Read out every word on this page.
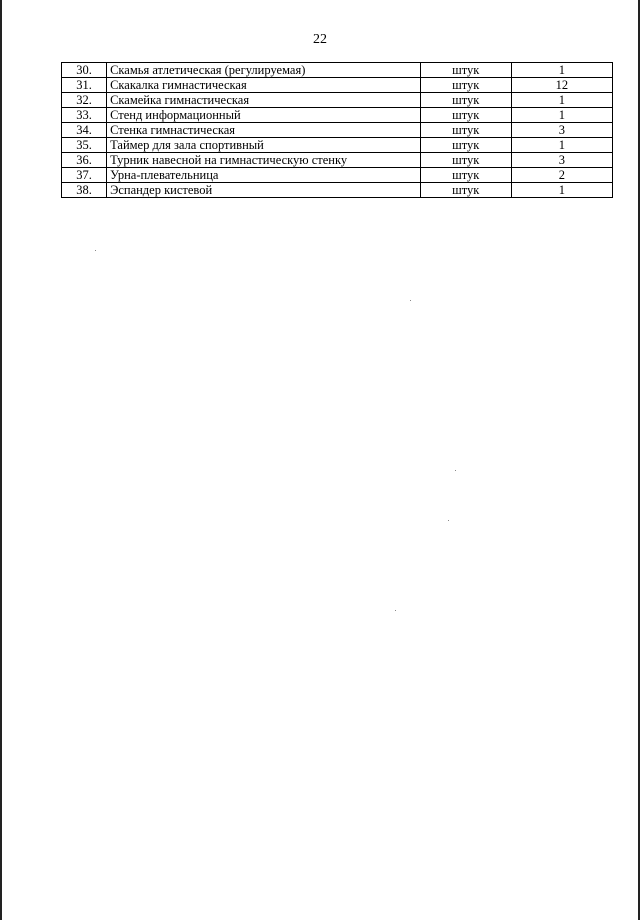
22
30.	Скамья атлетическая (регулируемая)	штук	1
31.	Скакалка гимнастическая	штук	12
32.	Скамейка гимнастическая	штук	1
33.	Стенд информационный	штук	1
34.	Стенка гимнастическая	штук	3
35.	Таймер для зала спортивный	штук	1
36.	Турник навесной на гимнастическую стенку	штук	3
37.	Урна-плевательница	штук	2
38.	Эспандер кистевой	штук	1
